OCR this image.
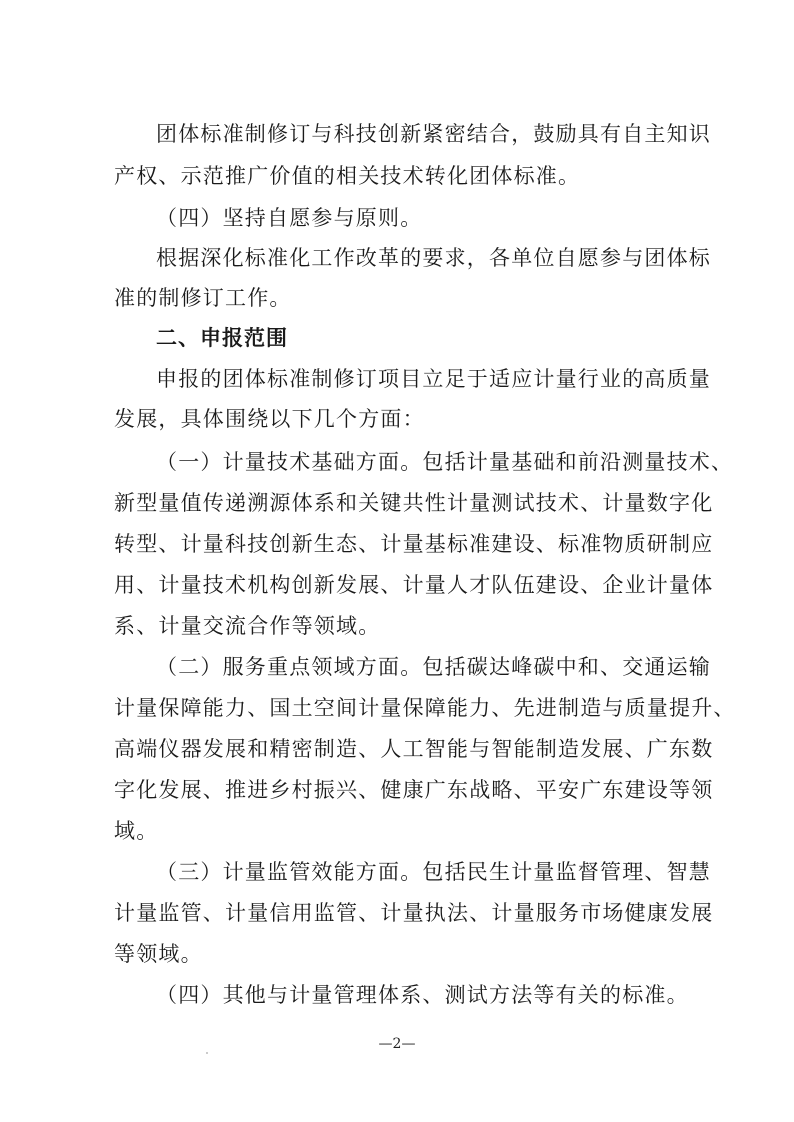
团体标准制修订与科技创新紧密结合，鼓励具有自主知识
产权、示范推广价值的相关技术转化团体标准。
（四）坚持自愿参与原则。
根据深化标准化工作改革的要求，各单位自愿参与团体标
准的制修订工作。
二、申报范围
申报的团体标准制修订项目立足于适应计量行业的高质量
发展，具体围绕以下几个方面：
（一）计量技术基础方面。包括计量基础和前沿测量技术、
新型量值传递溯源体系和关键共性计量测试技术、计量数字化
转型、计量科技创新生态、计量基标准建设、标准物质研制应
用、计量技术机构创新发展、计量人才队伍建设、企业计量体
系、计量交流合作等领域。
（二）服务重点领域方面。包括碳达峰碳中和、交通运输
计量保障能力、国土空间计量保障能力、先进制造与质量提升、
高端仪器发展和精密制造、人工智能与智能制造发展、广东数
字化发展、推进乡村振兴、健康广东战略、平安广东建设等领
域。
（三）计量监管效能方面。包括民生计量监督管理、智慧
计量监管、计量信用监管、计量执法、计量服务市场健康发展
等领域。
（四）其他与计量管理体系、测试方法等有关的标准。
—2—
